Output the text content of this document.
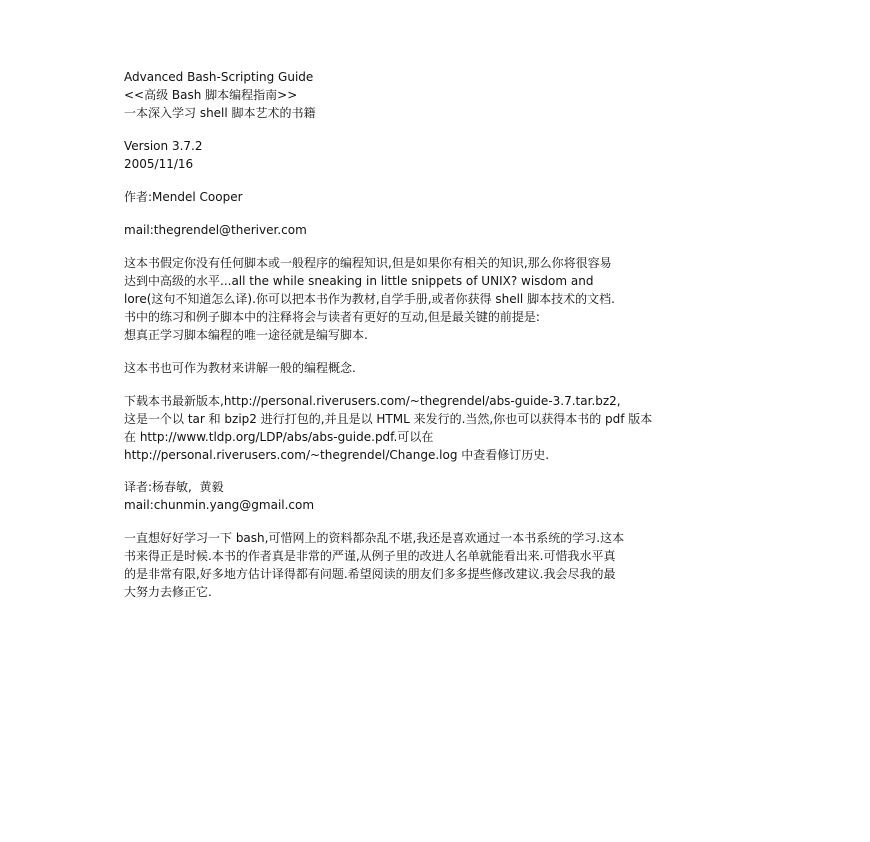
Advanced Bash-Scripting Guide
<<高级 Bash 脚本编程指南>>
一本深入学习 shell 脚本艺术的书籍
Version 3.7.2
2005/11/16
作者:Mendel Cooper
mail:thegrendel@theriver.com
这本书假定你没有任何脚本或一般程序的编程知识,但是如果你有相关的知识,那么你将很容易
达到中高级的水平...all the while sneaking in little snippets of UNIX? wisdom and
lore(这句不知道怎么译).你可以把本书作为教材,自学手册,或者你获得 shell 脚本技术的文档.
书中的练习和例子脚本中的注释将会与读者有更好的互动,但是最关键的前提是:
想真正学习脚本编程的唯一途径就是编写脚本.
这本书也可作为教材来讲解一般的编程概念.
下载本书最新版本,http://personal.riverusers.com/~thegrendel/abs-guide-3.7.tar.bz2,
这是一个以 tar 和 bzip2 进行打包的,并且是以 HTML 来发行的.当然,你也可以获得本书的 pdf 版本
在 http://www.tldp.org/LDP/abs/abs-guide.pdf.可以在
http://personal.riverusers.com/~thegrendel/Change.log 中查看修订历史.
译者:杨春敏,  黄毅
mail:chunmin.yang@gmail.com
一直想好好学习一下 bash,可惜网上的资料都杂乱不堪,我还是喜欢通过一本书系统的学习.这本
书来得正是时候.本书的作者真是非常的严谨,从例子里的改进人名单就能看出来.可惜我水平真
的是非常有限,好多地方估计译得都有问题.希望阅读的朋友们多多提些修改建议.我会尽我的最
大努力去修正它.
